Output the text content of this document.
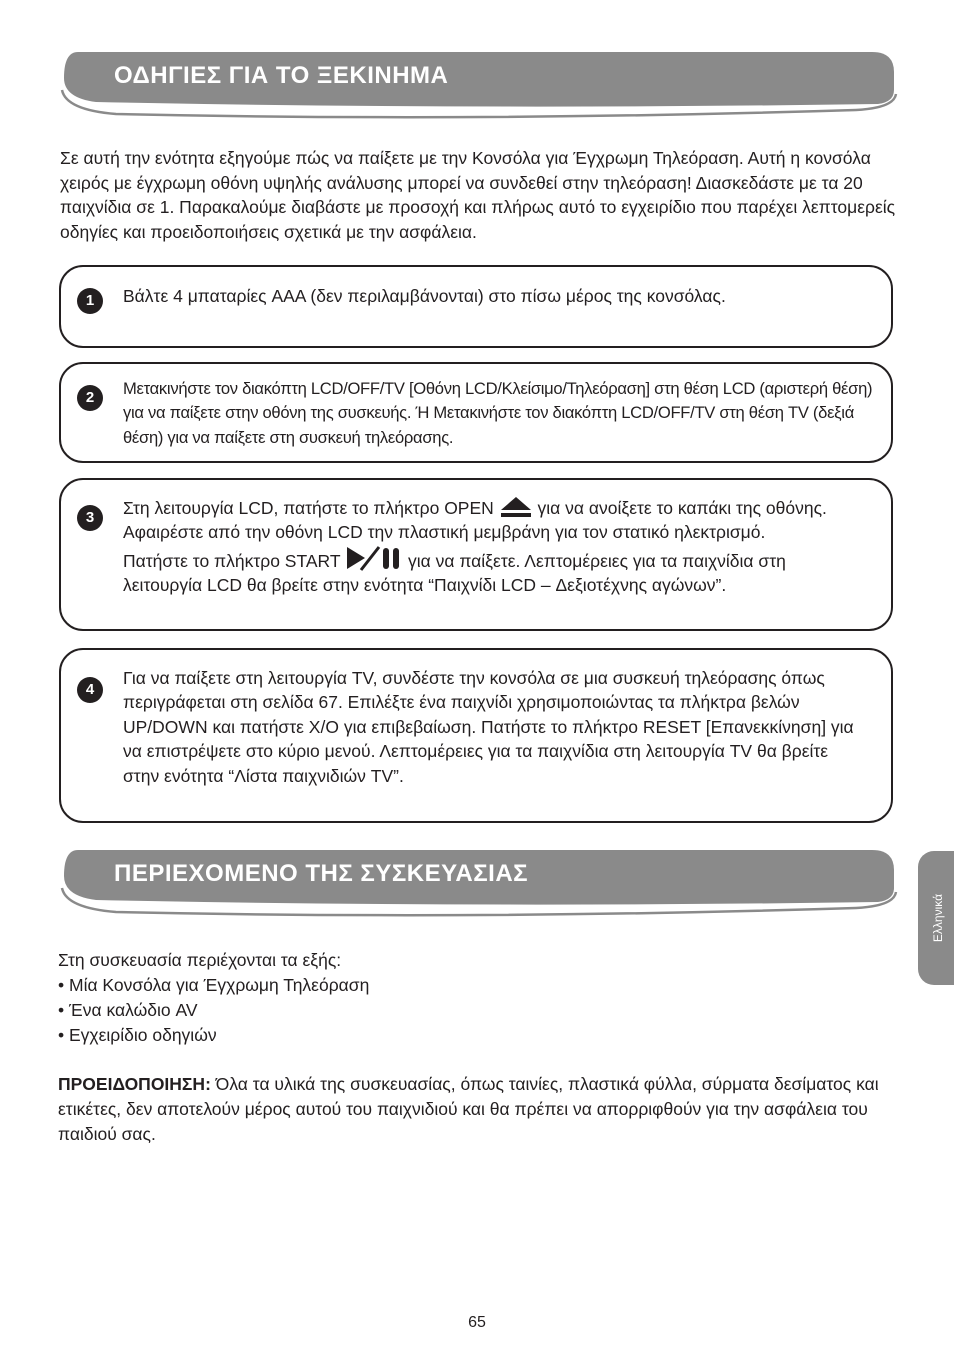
ΟΔΗΓΙΕΣ ΓΙΑ ΤΟ ΞΕΚΙΝΗΜΑ

Σε αυτή την ενότητα εξηγούμε πώς να παίξετε με την Κονσόλα για Έγχρωμη Τηλεόραση. Αυτή η κονσόλα χειρός με έγχρωμη οθόνη υψηλής ανάλυσης μπορεί να συνδεθεί στην τηλεόραση! Διασκεδάστε με τα 20 παιχνίδια σε 1. Παρακαλούμε διαβάστε με προσοχή και πλήρως αυτό το εγχειρίδιο που παρέχει λεπτομερείς οδηγίες και προειδοποιήσεις σχετικά με την ασφάλεια.

1	Βάλτε 4 μπαταρίες AAA (δεν περιλαμβάνονται) στο πίσω μέρος της κονσόλας.

2	Μετακινήστε τον διακόπτη LCD/OFF/TV [Οθόνη LCD/Κλείσιμο/Τηλεόραση] στη θέση LCD (αριστερή θέση) για να παίξετε στην οθόνη της συσκευής. Ή Μετακινήστε τον διακόπτη LCD/OFF/TV στη θέση TV (δεξιά θέση) για να παίξετε στη συσκευή τηλεόρασης.

3	Στη λειτουργία LCD, πατήστε το πλήκτρο OPEN	για να ανοίξετε το καπάκι της οθόνης. Αφαιρέστε από την οθόνη LCD την πλαστική μεμβράνη για τον στατικό ηλεκτρισμό. Πατήστε το πλήκτρο START	για να παίξετε. Λεπτομέρειες για τα παιχνίδια στη λειτουργία LCD θα βρείτε στην ενότητα “Παιχνίδι LCD – Δεξιοτέχνης αγώνων”.

4

Για να παίξετε στη λειτουργία TV, συνδέστε την κονσόλα σε μια συσκευή τηλεόρασης όπως περιγράφεται στη σελίδα 67. Επιλέξτε ένα παιχνίδι χρησιμοποιώντας τα πλήκτρα βελών UP/DOWN και πατήστε X/O για επιβεβαίωση. Πατήστε το πλήκτρο RESET [Επανεκκίνηση] για να επιστρέψετε στο κύριο μενού. Λεπτομέρειες για τα παιχνίδια στη λειτουργία TV θα βρείτε στην ενότητα “Λίστα παιχνιδιών TV”.

ΠΕΡΙΕΧΟΜΕΝΟ ΤΗΣ ΣΥΣΚΕΥΑΣΙΑΣ

Στη συσκευασία περιέχονται τα εξής:

• Μία Κονσόλα για Έγχρωμη Τηλεόραση

• Ένα καλώδιο AV

• Εγχειρίδιο οδηγιών

ΠΡΟΕΙΔΟΠΟΙΗΣΗ: Όλα τα υλικά της συσκευασίας, όπως ταινίες, πλαστικά φύλλα, σύρματα δεσίματος και ετικέτες, δεν αποτελούν μέρος αυτού του παιχνιδιού και θα πρέπει να απορριφθούν για την ασφάλεια του παιδιού σας.

Ελληνικά
65
